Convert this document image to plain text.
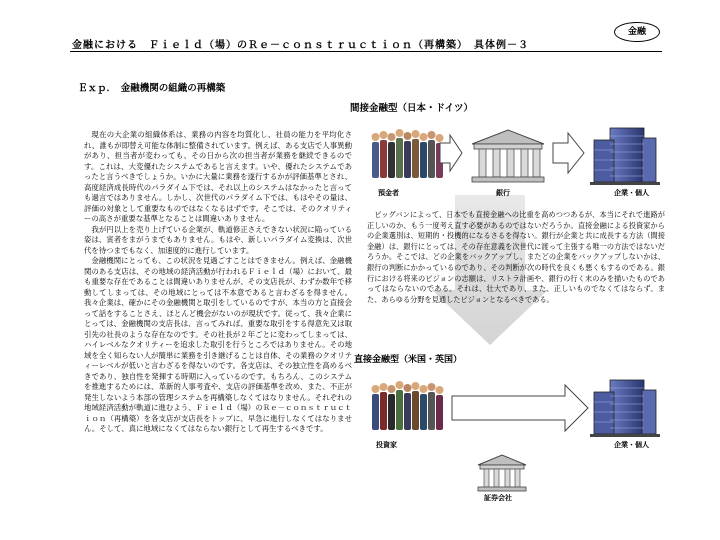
金融
金融における　Ｆｉｅｌｄ（場）のＲｅ－ｃｏｎｓｔｒｕｃｔｉｏｎ（再構築）　具体例－３
Ｅｘｐ．　金融機関の組織の再構築
間接金融型（日本・ドイツ）
預金者	銀行	企業・個人
ビッグバンによって、日本でも直接金融への比重を高めつつあるが、本当にそれで進路が正しいのか、もう一度考え直す必要があるのではないだろうか。直接金融による投資家からの企業選別は、短期的・投機的になるさるを得ない。銀行が企業と共に成長する方法（間接金融）は、銀行にとっては、その存在意義を次世代に渡って主張する唯一の方法ではないだろうか。そこでは、どの企業をバックアップし、またどの企業をバックアップしないかは、銀行の判断にかかっているのであり、その判断が次の時代を良くも悪くもするのである。銀行における将来のビジョンの志願は、リストラ計画や、銀行の行く末のみを描いたものであってはならないのである。それは、壮大であり、また、正しいものでなくてはならず、また、あらゆる分野を見通したビジョンとなるべきである。
直接金融型（米国・英国）
投資家	企業・個人
証券会社

現在の大企業の組織体系は、業務の内容を均質化し、社員の能力を平均化され、誰もが即替え可能な体制に整備されています。例えば、ある支店で人事異動があり、担当者が変わっても、その日から次の担当者が業務を継続できるのです。これは、大変優れたシステムであると言えます。いや、優れたシステムであったと言うべきでしょうか。いかに大量に業務を遂行するかが評価基準とされ、高度経済成長時代のパラダイム下では、それ以上のシステムはなかったと言っても過言ではありません。しかし、次世代のパラダイム下では、もはやその量は、評価の対象として重要なものではなくなるはずです。そこでは、そのクオリティーの高さが重要な基準となることは間違いありません。

我が円以上を売り上げている企業が、軌道修正さえできない状況に陥っている姿は、寅者をまがうまでもありません。もはや、新しいパラダイム変換は、次世代を待つまでもなく、加速度的に進行しています。

金融機関にとっても、この状況を見過ごすことはできません。例えば、金融機関のある支店は、その地域の経済活動が行われるＦｉｅｌｄ（場）において、最も重要な存在であることは間違いありませんが、その支店長が、わずか数年で移動してしまっては、その地域にとっては不本意であると言わざるを得ません。我々企業は、確かにその金融機関と取引をしているのですが、本当の方と直接会って話をすることさえ、ほとんど機会がないのが現状です。従って、我々企業にとっては、金融機関の支店長は、言ってみれば、重要な取引をする得意先又は取引先の社長のような存在なのです。その社長が２年ごとに変わってしまっては、ハイレベルなクオリティーを追求した取引を行うところではありません。その地域を全く知らない人が簡単に業務を引き継げることは自体、その業務のクオリティーレベルが低いと言わざるを得ないのです。各支店は、その独立性を高めるべきであり、独自性を発揮する時期に入っているのです。もちろん、このシステムを推進するためには、革新的人事考査や、支店の評価基準を改め、また、不正が発生しないよう本部の管理システムを再構築しなくてはなりません。それぞれの地域経済活動が軌道に進むよう、Ｆｉｅｌｄ（場）のＲｅ－ｃｏｎｓｔｒｕｃｔｉｏｎ（再構築）を各支店が支店長をトップに、早急に進行しなくてはなりません。そして、真に地域になくてはならない銀行として再生するべきです。
